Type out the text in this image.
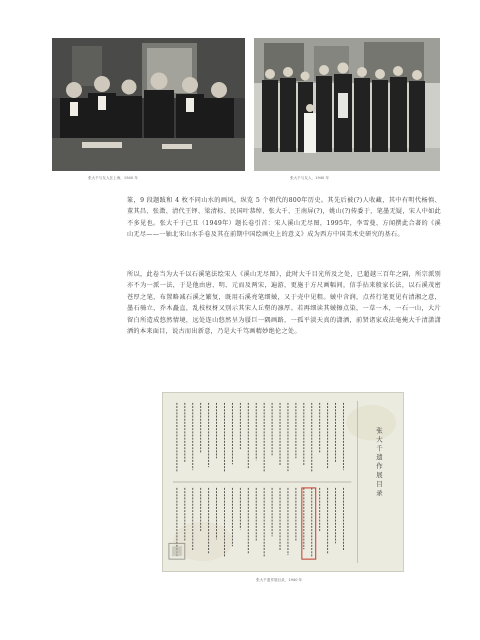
张大千与友人在上海，1940 年	张大千与友人，1940 年
篆，9 段题跋和 4 枚不同山水的画风，纵览 5 个朝代的800年历史。其先后被(?)人收藏，其中有明代杨慎、董其昌、张澂、清代王铎、梁清标、民国叶恭绰、张大千、王南屏(?)，姚山(?)传委于，笔墨无疑，宋人中如此不多见也。张大千于己丑（1949年）题长卷引首：宋人溪山无尽图，1995年，李雪曼、方闻撰此合著的《溪山无尽——一轴北宋山水手卷及其在前期中国绘画史上的意义》成为西方中国美术史研究的基石。
所以，此卷当为大千以石溪笔法绘宋人《溪山无尽图》，此时大千目光所及之处，已超越三百年之隔，所宗派别亦不为一派一法，于是他由唐、明、元而及两宋，遍游，更施于方尺画幅间，信手拈来般家长法，以石溪茂密苍厚之笔，布置略减石溪之繁复，既用石溪亮笔细皴，又于壳中见粗。皴中含润，点苔行笔更见有清湘之意，墨石骑立，乔木矗直，乱枝杈枒又别示其宋人丘壑的凛厚。若再细读其皴擦点染，一草一木，一石一山，大片留白所造成悠然情境，远处连山悠然呈为蜃巨一隅画路，一孤平淡天真的潇洒，前贤诸家成法毫掩大千清潇潇洒的本来面目，说古而出新意，乃是大千笃画精妙绝伦之处。
张大千遗作展目录
张大千遗作展目录，1940 年
